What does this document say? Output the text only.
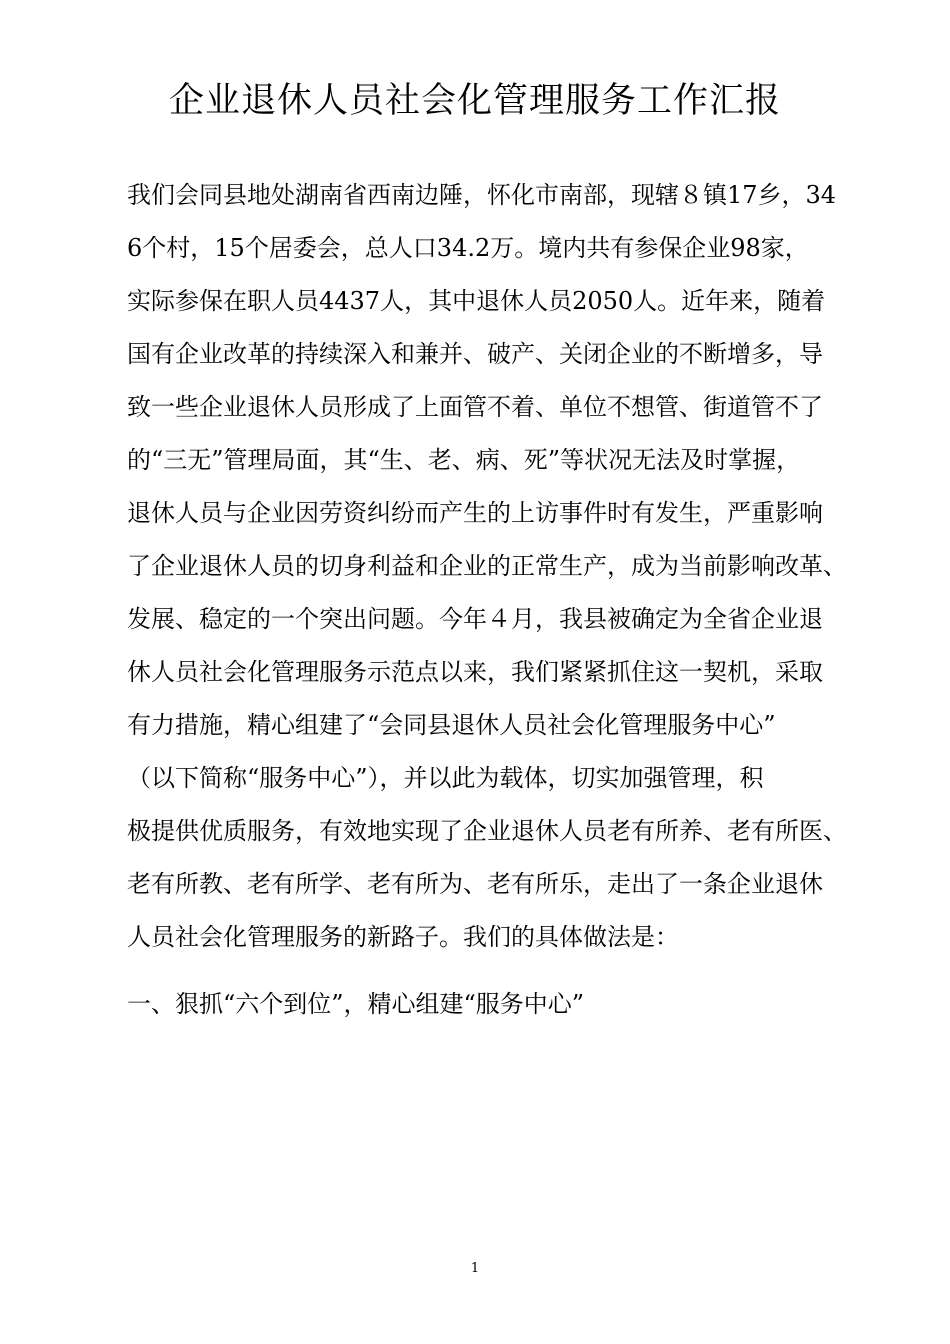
企业退休人员社会化管理服务工作汇报
我们会同县地处湖南省西南边陲，怀化市南部，现辖８镇17乡，34
6个村，15个居委会，总人口34.2万。境内共有参保企业98家，
实际参保在职人员4437人，其中退休人员2050人。近年来，随着
国有企业改革的持续深入和兼并、破产、关闭企业的不断增多，导
致一些企业退休人员形成了上面管不着、单位不想管、街道管不了
的“三无”管理局面，其“生、老、病、死”等状况无法及时掌握，
退休人员与企业因劳资纠纷而产生的上访事件时有发生，严重影响
了企业退休人员的切身利益和企业的正常生产，成为当前影响改革、
发展、稳定的一个突出问题。今年４月，我县被确定为全省企业退
休人员社会化管理服务示范点以来，我们紧紧抓住这一契机，采取
有力措施，精心组建了“会同县退休人员社会化管理服务中心”
（以下简称“服务中心”），并以此为载体，切实加强管理，积
极提供优质服务，有效地实现了企业退休人员老有所养、老有所医、
老有所教、老有所学、老有所为、老有所乐，走出了一条企业退休
人员社会化管理服务的新路子。我们的具体做法是：
一、狠抓“六个到位”，精心组建“服务中心”
1
